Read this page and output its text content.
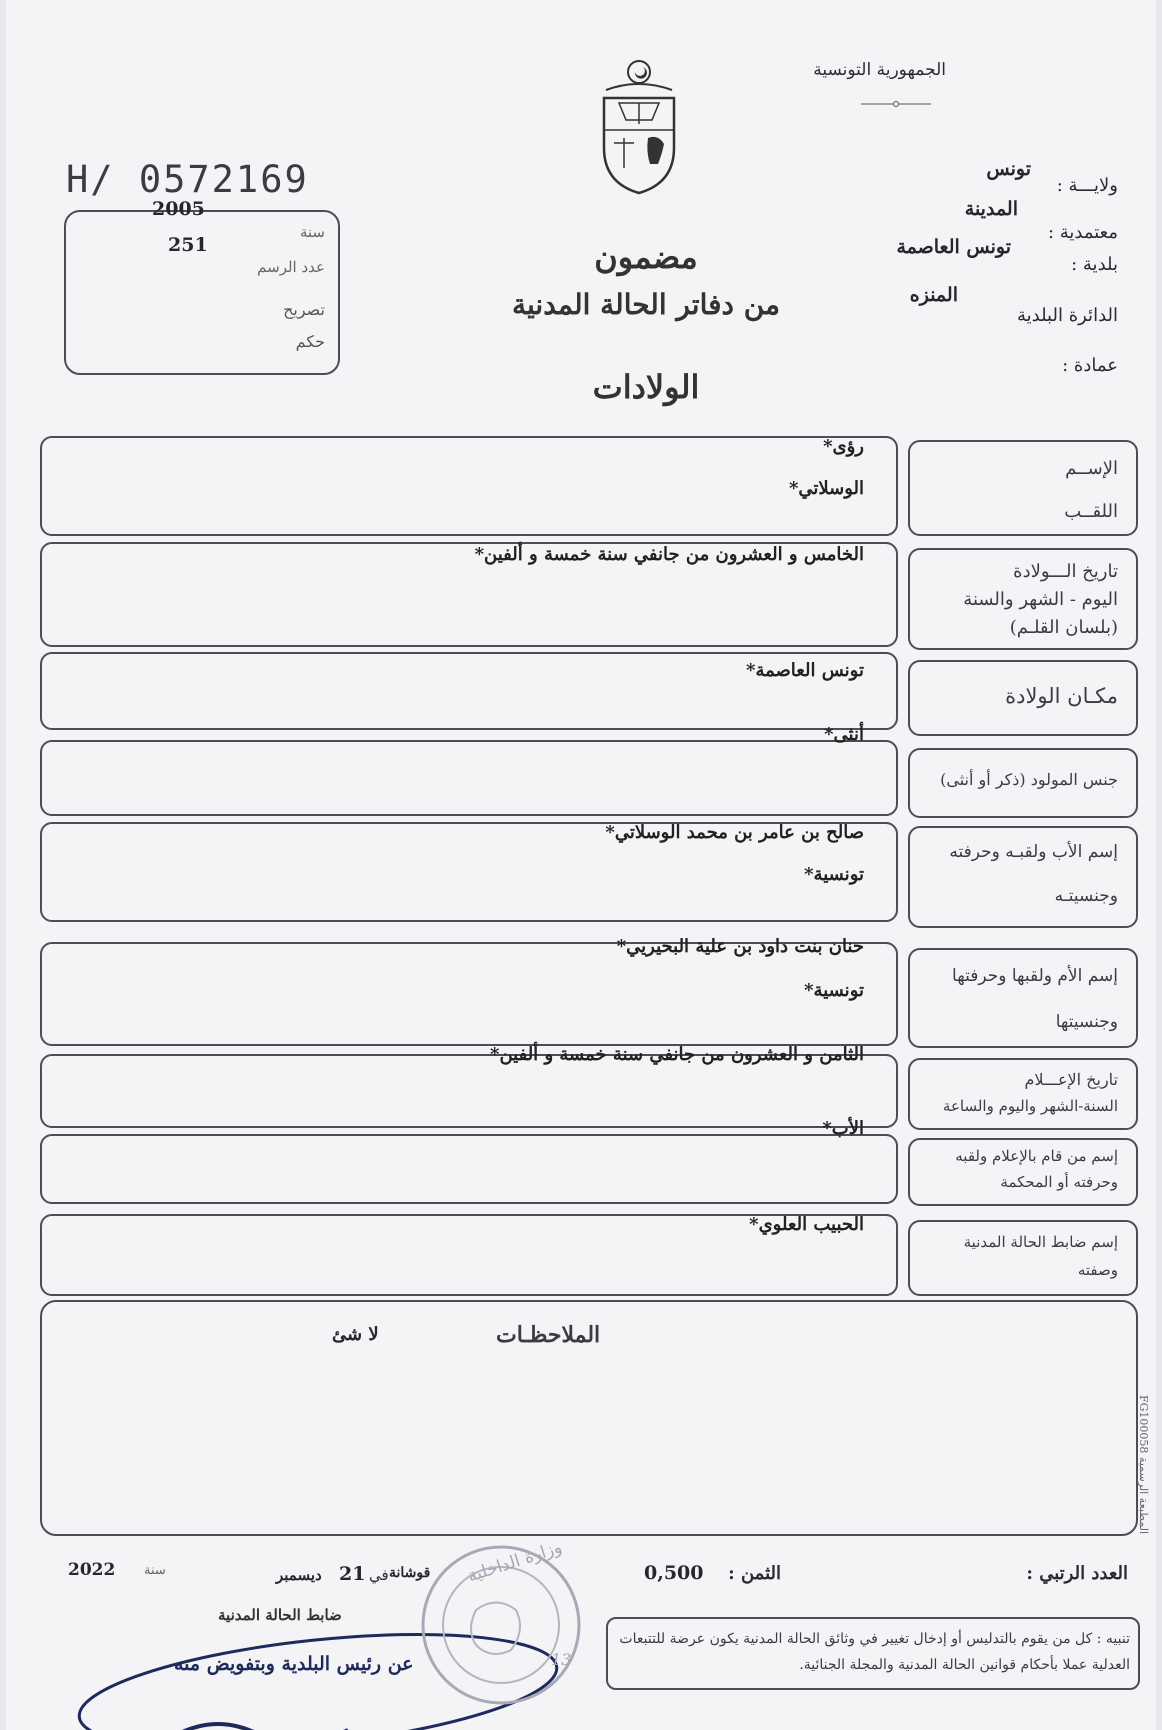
الجمهورية التونسية
H/ 0572169
2005
سنة
251
عدد الرسم
تصريح
حكم
ولايـــة :
تونس
المدينة
معتمدية :
تونس العاصمة
بلدية :
المنزه
الدائرة البلدية
عمادة :
مضمون
من دفاتر الحالة المدنية
الولادات
الإســم
اللقــب
رؤى*
الوسلاتي*
تاريخ الـــولادة
اليوم - الشهر والسنة
(بلسان القلـم)
الخامس و العشرون من جانفي سنة خمسة و ألفين*
مكـان الولادة
تونس العاصمة*
جنس المولود (ذكر أو أنثى)
أنثى*
إسم الأب ولقبـه وحرفته
وجنسيتـه
صالح بن عامر بن محمد الوسلاتي*
تونسية*
إسم الأم ولقبها وحرفتها
وجنسيتها
حنان بنت داود بن علية البحيريي*
تونسية*
تاريخ الإعـــلام
السنة-الشهر واليوم والساعة
الثامن و العشرون من جانفي سنة خمسة و ألفين*
إسم من قام بالإعلام ولقبه
وحرفته أو المحكمة
الأب*
إسم ضابط الحالة المدنية
وصفته
الحبيب العلوي*
الملاحظـات
لا شئ
المطبعة الرسمية FG100058
العدد الرتبي :
الثمن :
0,500
قوشانة
في
21
ديسمبر
سنة
2022
ضابط الحالة المدنية
عن رئيس البلدية وبتفويض منه
وزارة الداخلية
13
تنبيه : كل من يقوم بالتدليس أو إدخال تغيير في وثائق الحالة المدنية يكون عرضة للتتبعات العدلية عملا بأحكام قوانين الحالة المدنية والمجلة الجنائية.
